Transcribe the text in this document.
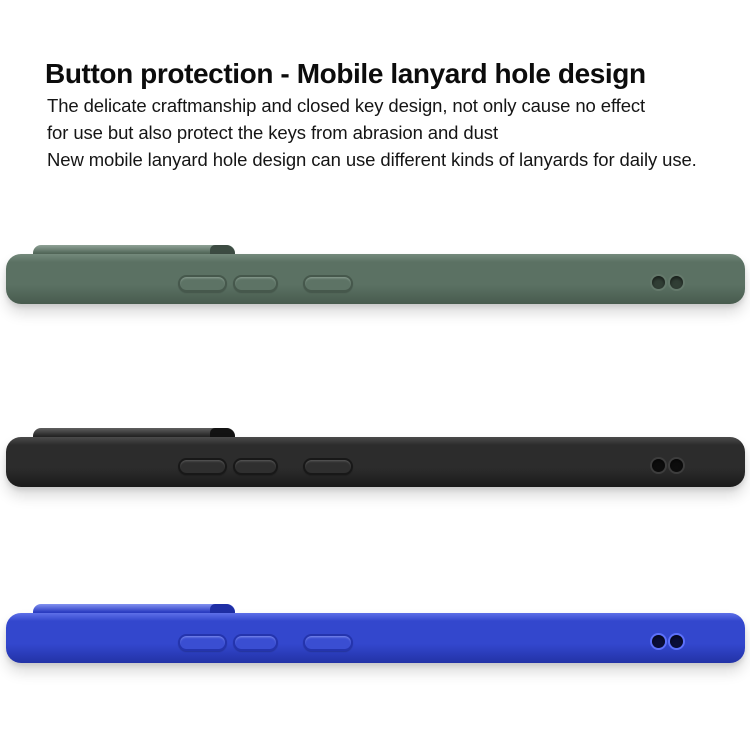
Button protection - Mobile lanyard hole design
The delicate craftmanship and closed key design, not only cause no effect
for use but also protect the keys from abrasion and dust
New mobile lanyard hole design can use different kinds of lanyards for daily use.
